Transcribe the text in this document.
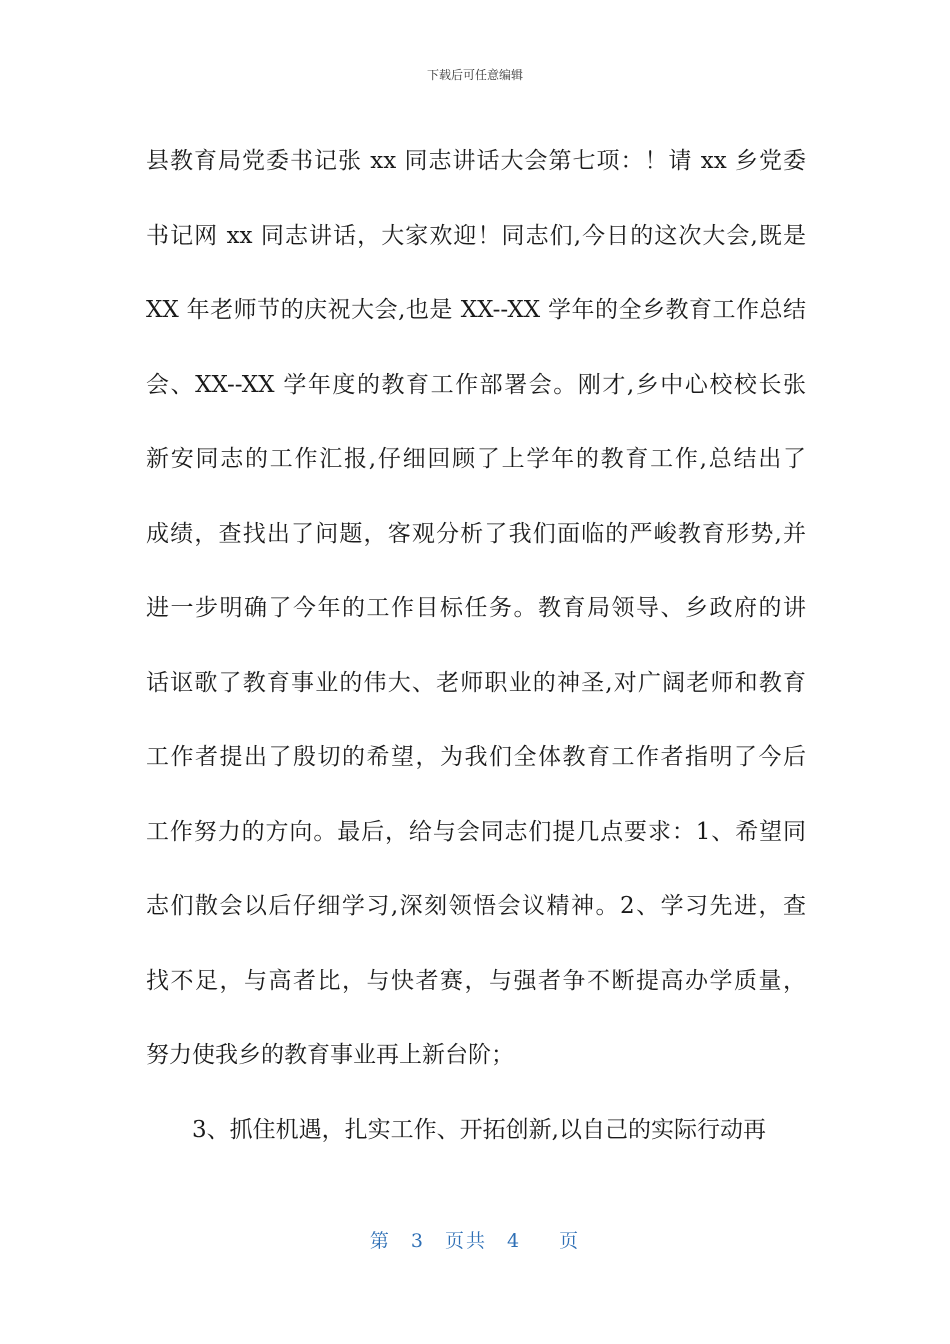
下载后可任意编辑
县教育局党委书记张 xx 同志讲话大会第七项：！请 xx 乡党委
书记网 xx 同志讲话，大家欢迎！同志们,今日的这次大会,既是
XX 年老师节的庆祝大会,也是 XX--XX 学年的全乡教育工作总结
会、XX--XX 学年度的教育工作部署会。刚才,乡中心校校长张
新安同志的工作汇报,仔细回顾了上学年的教育工作,总结出了
成绩，查找出了问题，客观分析了我们面临的严峻教育形势,并
进一步明确了今年的工作目标任务。教育局领导、乡政府的讲
话讴歌了教育事业的伟大、老师职业的神圣,对广阔老师和教育
工作者提出了殷切的希望，为我们全体教育工作者指明了今后
工作努力的方向。最后，给与会同志们提几点要求：1、希望同
志们散会以后仔细学习,深刻领悟会议精神。2、学习先进，查
找不足，与高者比，与快者赛，与强者争不断提高办学质量，
努力使我乡的教育事业再上新台阶；
3、抓住机遇，扎实工作、开拓创新,以自己的实际行动再
第 3 页共 4 页
